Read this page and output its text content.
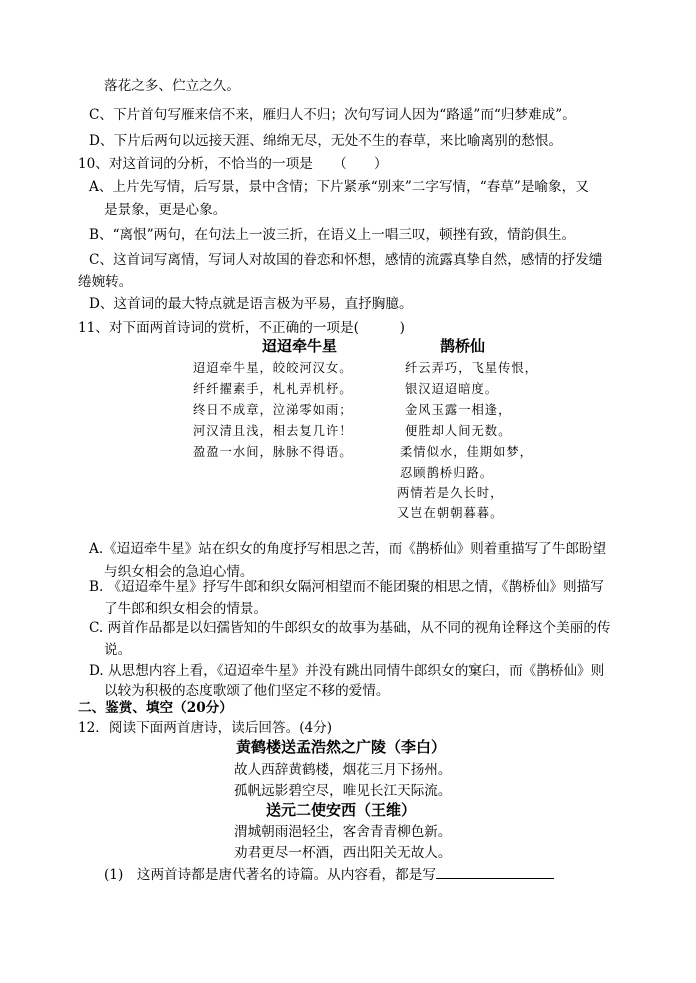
落花之多、伫立之久。
C、下片首句写雁来信不来，雁归人不归；次句写词人因为“路遥”而“归梦难成”。
D、下片后两句以远接天涯、绵绵无尽，无处不生的春草，来比喻离别的愁恨。
10、对这首词的分析，不恰当的一项是　　（　　）
A、上片先写情，后写景，景中含情；下片紧承“别来”二字写情，“春草”是喻象，又
是景象，更是心象。
B、“离恨”两句，在句法上一波三折，在语义上一唱三叹，顿挫有致，情韵俱生。
C、这首词写离情，写词人对故国的眷恋和怀想，感情的流露真挚自然，感情的抒发缱
绻婉转。
D、这首词的最大特点就是语言极为平易，直抒胸臆。
11、对下面两首诗词的赏析，不正确的一项是(　　　)
迢迢牵牛星
迢迢牵牛星，皎皎河汉女。
纤纤擢素手，札札弄机杼。
终日不成章，泣涕零如雨；
河汉清且浅，相去复几许！
盈盈一水间，脉脉不得语。
鹊桥仙
纤云弄巧，飞星传恨，
银汉迢迢暗度。
金风玉露一相逢，
便胜却人间无数。
柔情似水，佳期如梦，
忍顾鹊桥归路。
两情若是久长时，
又岂在朝朝暮暮。
A.《迢迢牵牛星》站在织女的角度抒写相思之苦，而《鹊桥仙》则着重描写了牛郎盼望
与织女相会的急迫心情。
B. 《迢迢牵牛星》抒写牛郎和织女隔河相望而不能团聚的相思之情，《鹊桥仙》则描写
了牛郎和织女相会的情景。
C. 两首作品都是以妇孺皆知的牛郎织女的故事为基础，从不同的视角诠释这个美丽的传
说。
D. 从思想内容上看，《迢迢牵牛星》并没有跳出同情牛郎织女的窠臼，而《鹊桥仙》则
以较为积极的态度歌颂了他们坚定不移的爱情。
二、鉴赏、填空（20分）
12．阅读下面两首唐诗，读后回答。(4分)
黄鹤楼送孟浩然之广陵（李白）
故人西辞黄鹤楼，烟花三月下扬州。
孤帆远影碧空尽，唯见长江天际流。
送元二使安西（王维）
渭城朝雨浥轻尘，客舍青青柳色新。
劝君更尽一杯酒，西出阳关无故人。
(1)　这两首诗都是唐代著名的诗篇。从内容看，都是写
